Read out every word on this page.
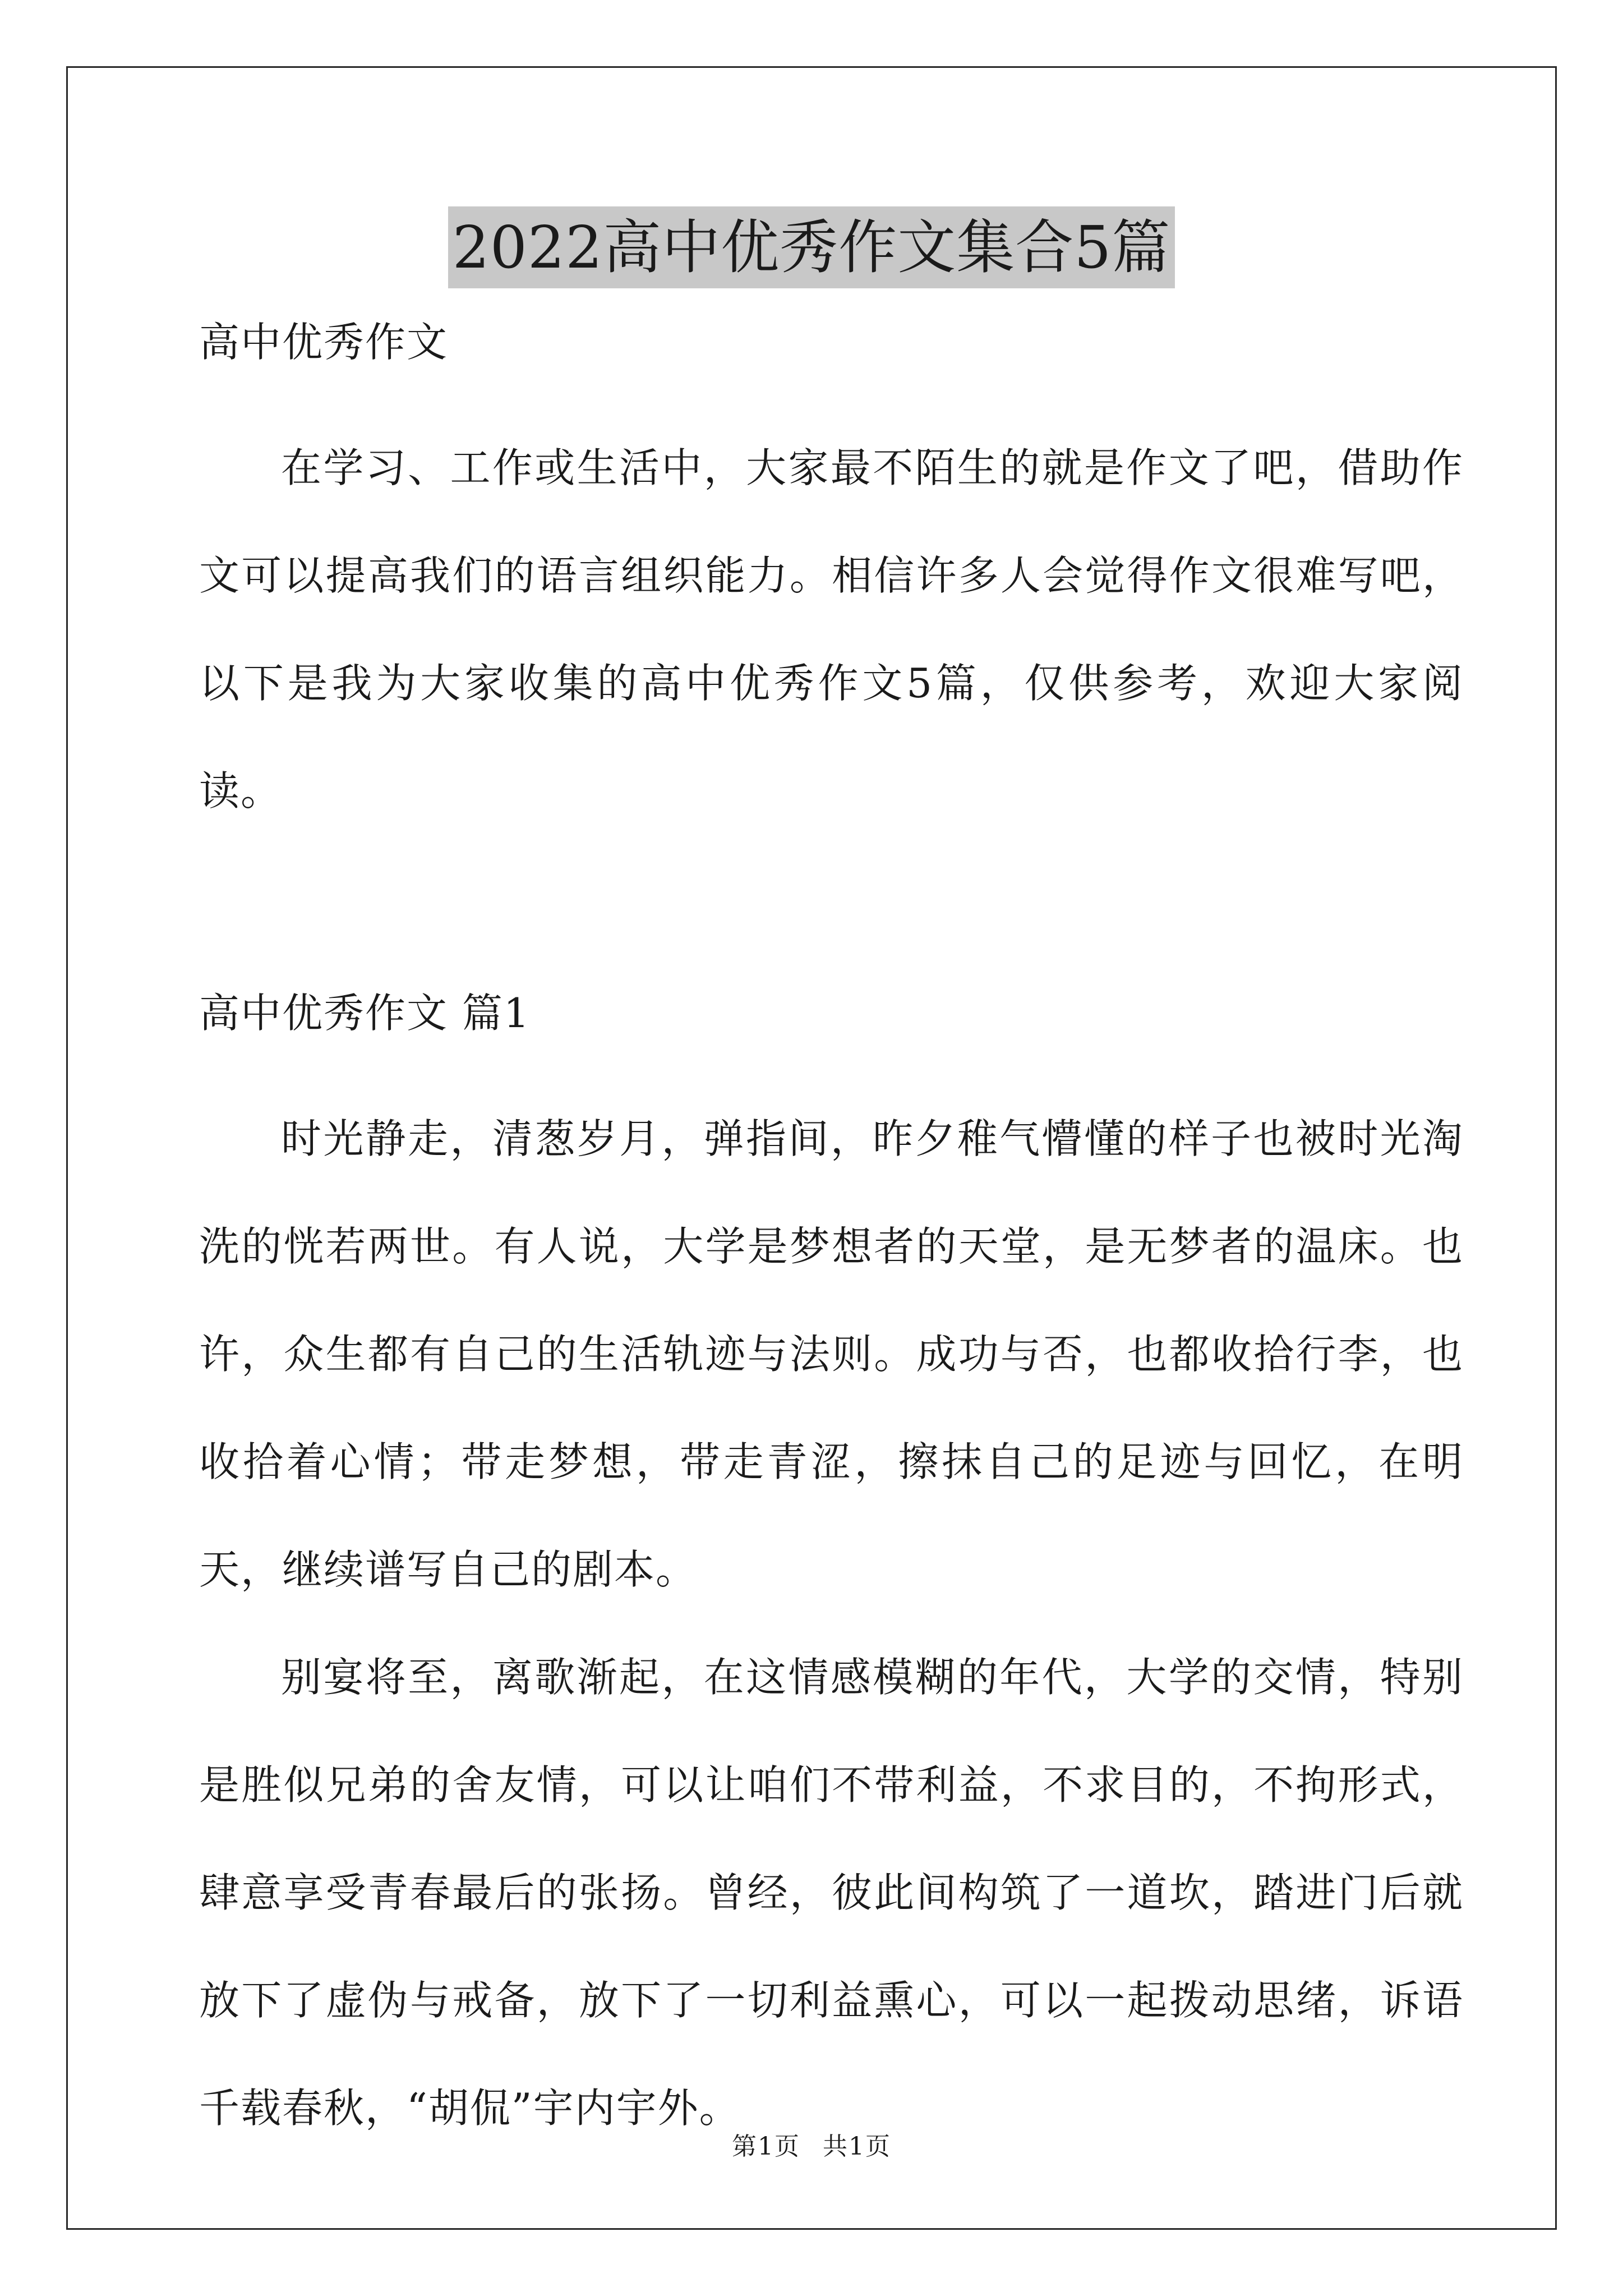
2022高中优秀作文集合5篇

高中优秀作文

在学习、工作或生活中，大家最不陌生的就是作文了吧，借助作文可以提高我们的语言组织能力。相信许多人会觉得作文很难写吧，以下是我为大家收集的高中优秀作文5篇，仅供参考，欢迎大家阅读。

高中优秀作文 篇1

时光静走，清葱岁月，弹指间，昨夕稚气懵懂的样子也被时光淘洗的恍若两世。有人说，大学是梦想者的天堂，是无梦者的温床。也许，众生都有自己的生活轨迹与法则。成功与否，也都收拾行李，也收拾着心情；带走梦想，带走青涩，擦抹自己的足迹与回忆，在明天，继续谱写自己的剧本。

别宴将至，离歌渐起，在这情感模糊的年代，大学的交情，特别是胜似兄弟的舍友情，可以让咱们不带利益，不求目的，不拘形式，肆意享受青春最后的张扬。曾经，彼此间构筑了一道坎，踏进门后就放下了虚伪与戒备，放下了一切利益熏心，可以一起拨动思绪，诉语千载春秋，“胡侃”宇内宇外。

第1页 共1页
